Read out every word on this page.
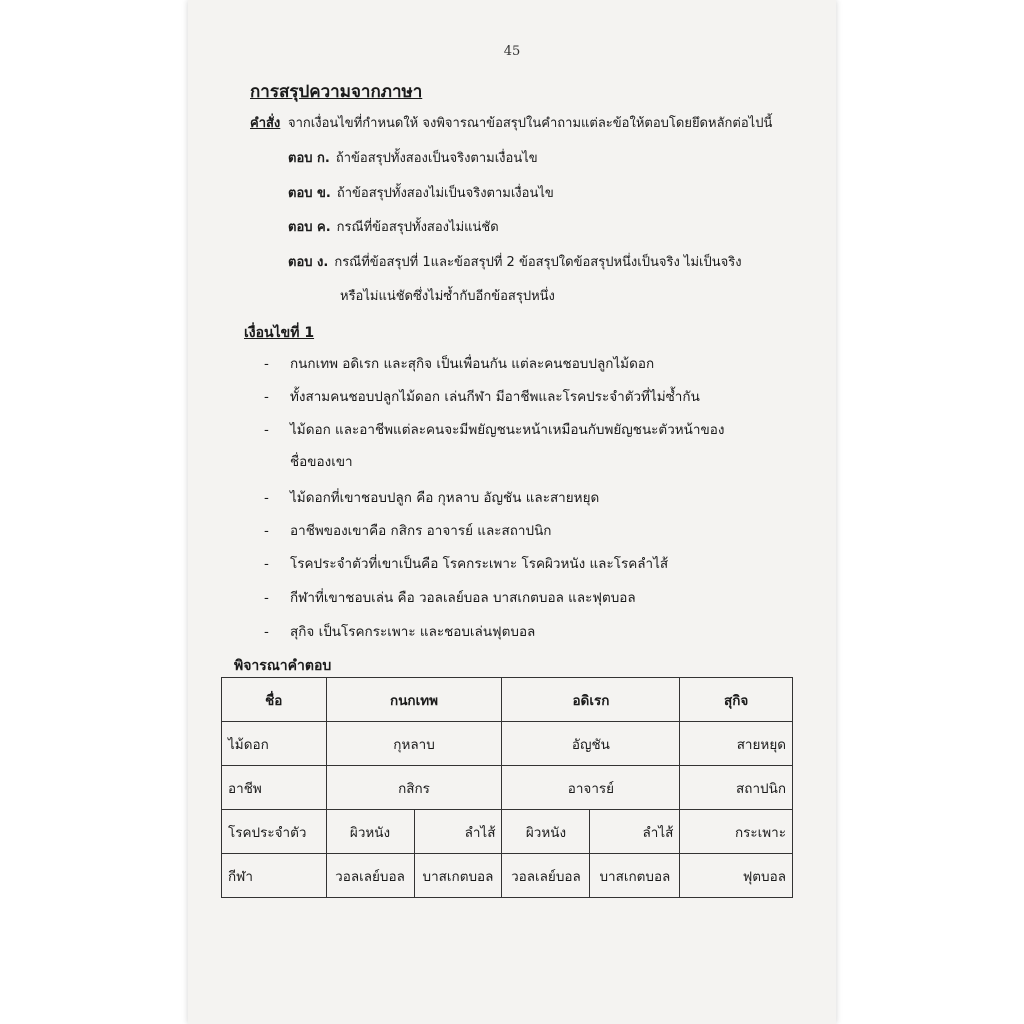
45
การสรุปความจากภาษา
คำสั่ง จากเงื่อนไขที่กำหนดให้ จงพิจารณาข้อสรุปในคำถามแต่ละข้อให้ตอบโดยยึดหลักต่อไปนี้
ตอบ ก. ถ้าข้อสรุปทั้งสองเป็นจริงตามเงื่อนไข
ตอบ ข. ถ้าข้อสรุปทั้งสองไม่เป็นจริงตามเงื่อนไข
ตอบ ค. กรณีที่ข้อสรุปทั้งสองไม่แน่ชัด
ตอบ ง. กรณีที่ข้อสรุปที่ 1และข้อสรุปที่ 2 ข้อสรุปใดข้อสรุปหนึ่งเป็นจริง ไม่เป็นจริง
หรือไม่แน่ชัดซึ่งไม่ซ้ำกับอีกข้อสรุปหนึ่ง
เงื่อนไขที่ 1
- กนกเทพ อดิเรก และสุกิจ เป็นเพื่อนกัน แต่ละคนชอบปลูกไม้ดอก
- ทั้งสามคนชอบปลูกไม้ดอก เล่นกีฬา มีอาชีพและโรคประจำตัวที่ไม่ซ้ำกัน
- ไม้ดอก และอาชีพแต่ละคนจะมีพยัญชนะหน้าเหมือนกับพยัญชนะตัวหน้าของ
ชื่อของเขา
- ไม้ดอกที่เขาชอบปลูก คือ กุหลาบ อัญชัน และสายหยุด
- อาชีพของเขาคือ กสิกร อาจารย์ และสถาปนิก
- โรคประจำตัวที่เขาเป็นคือ โรคกระเพาะ โรคผิวหนัง และโรคลำไส้
- กีฬาที่เขาชอบเล่น คือ วอลเลย์บอล บาสเกตบอล และฟุตบอล
- สุกิจ เป็นโรคกระเพาะ และชอบเล่นฟุตบอล
พิจารณาคำตอบ
ชื่อ	กนกเทพ		อดิเรก		สุกิจ
ไม้ดอก	กุหลาบ		อัญชัน		สายหยุด
อาชีพ	กสิกร		อาจารย์		สถาปนิก
โรคประจำตัว	ผิวหนัง	ลำไส้	ผิวหนัง	ลำไส้	กระเพาะ
กีฬา	วอลเลย์บอล	บาสเกตบอล	วอลเลย์บอล	บาสเกตบอล	ฟุตบอล
